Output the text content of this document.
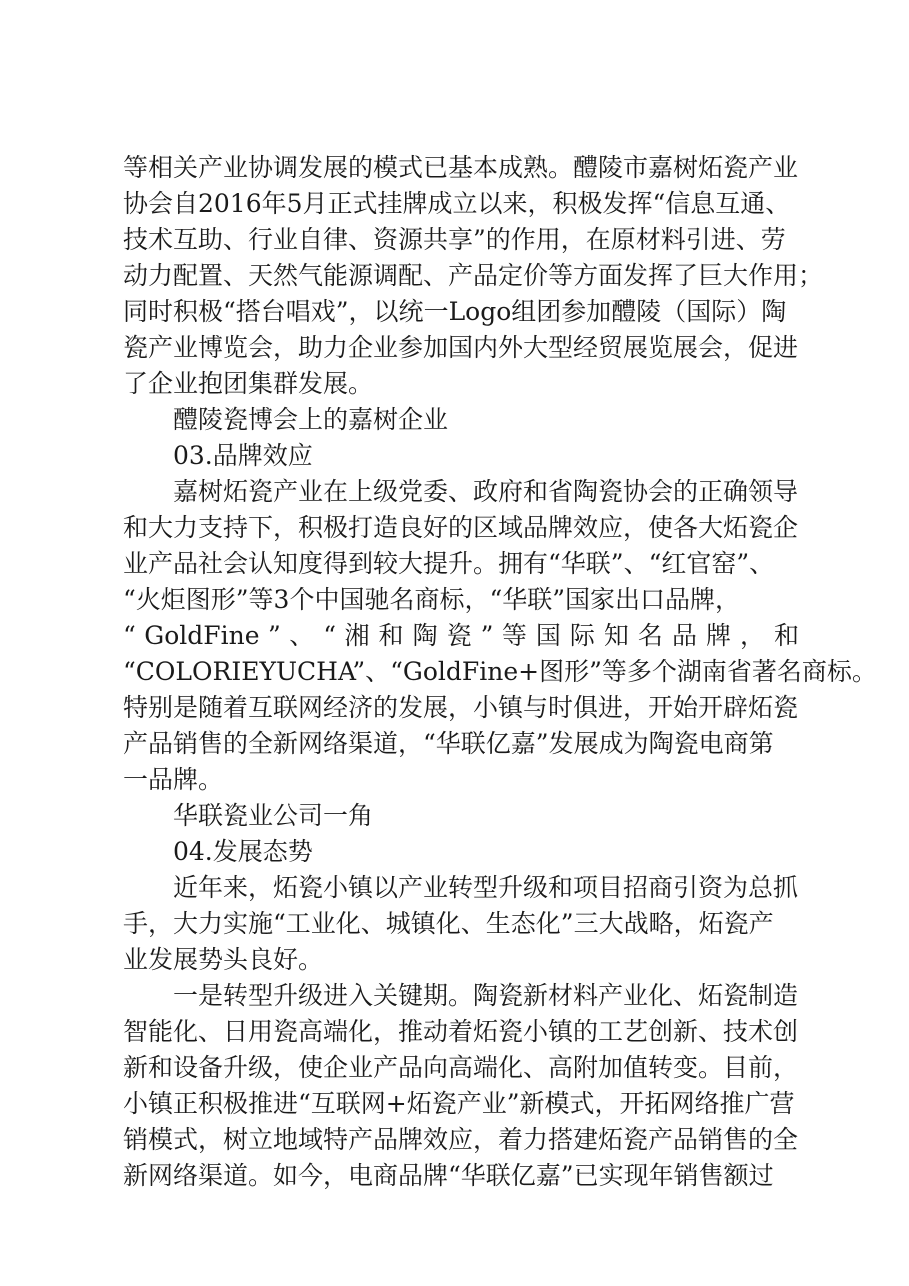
等相关产业协调发展的模式已基本成熟。醴陵市嘉树炻瓷产业
协会自2016年5月正式挂牌成立以来，积极发挥“信息互通、
技术互助、行业自律、资源共享”的作用，在原材料引进、劳
动力配置、天然气能源调配、产品定价等方面发挥了巨大作用；
同时积极“搭台唱戏”，以统一Logo组团参加醴陵（国际）陶
瓷产业博览会，助力企业参加国内外大型经贸展览展会，促进
了企业抱团集群发展。
醴陵瓷博会上的嘉树企业
03.品牌效应
嘉树炻瓷产业在上级党委、政府和省陶瓷协会的正确领导
和大力支持下，积极打造良好的区域品牌效应，使各大炻瓷企
业产品社会认知度得到较大提升。拥有“华联”、“红官窑”、
“火炬图形”等3个中国驰名商标，“华联”国家出口品牌，
“ GoldFine ” 、 “ 湘 和 陶 瓷 ” 等 国 际 知 名 品 牌 ， 和
“COLORIEYUCHA”、“GoldFine+图形”等多个湖南省著名商标。
特别是随着互联网经济的发展，小镇与时俱进，开始开辟炻瓷
产品销售的全新网络渠道，“华联亿嘉”发展成为陶瓷电商第
一品牌。
华联瓷业公司一角
04.发展态势
近年来，炻瓷小镇以产业转型升级和项目招商引资为总抓
手，大力实施“工业化、城镇化、生态化”三大战略，炻瓷产
业发展势头良好。
一是转型升级进入关键期。陶瓷新材料产业化、炻瓷制造
智能化、日用瓷高端化，推动着炻瓷小镇的工艺创新、技术创
新和设备升级，使企业产品向高端化、高附加值转变。目前，
小镇正积极推进“互联网+炻瓷产业”新模式，开拓网络推广营
销模式，树立地域特产品牌效应，着力搭建炻瓷产品销售的全
新网络渠道。如今，电商品牌“华联亿嘉”已实现年销售额过
